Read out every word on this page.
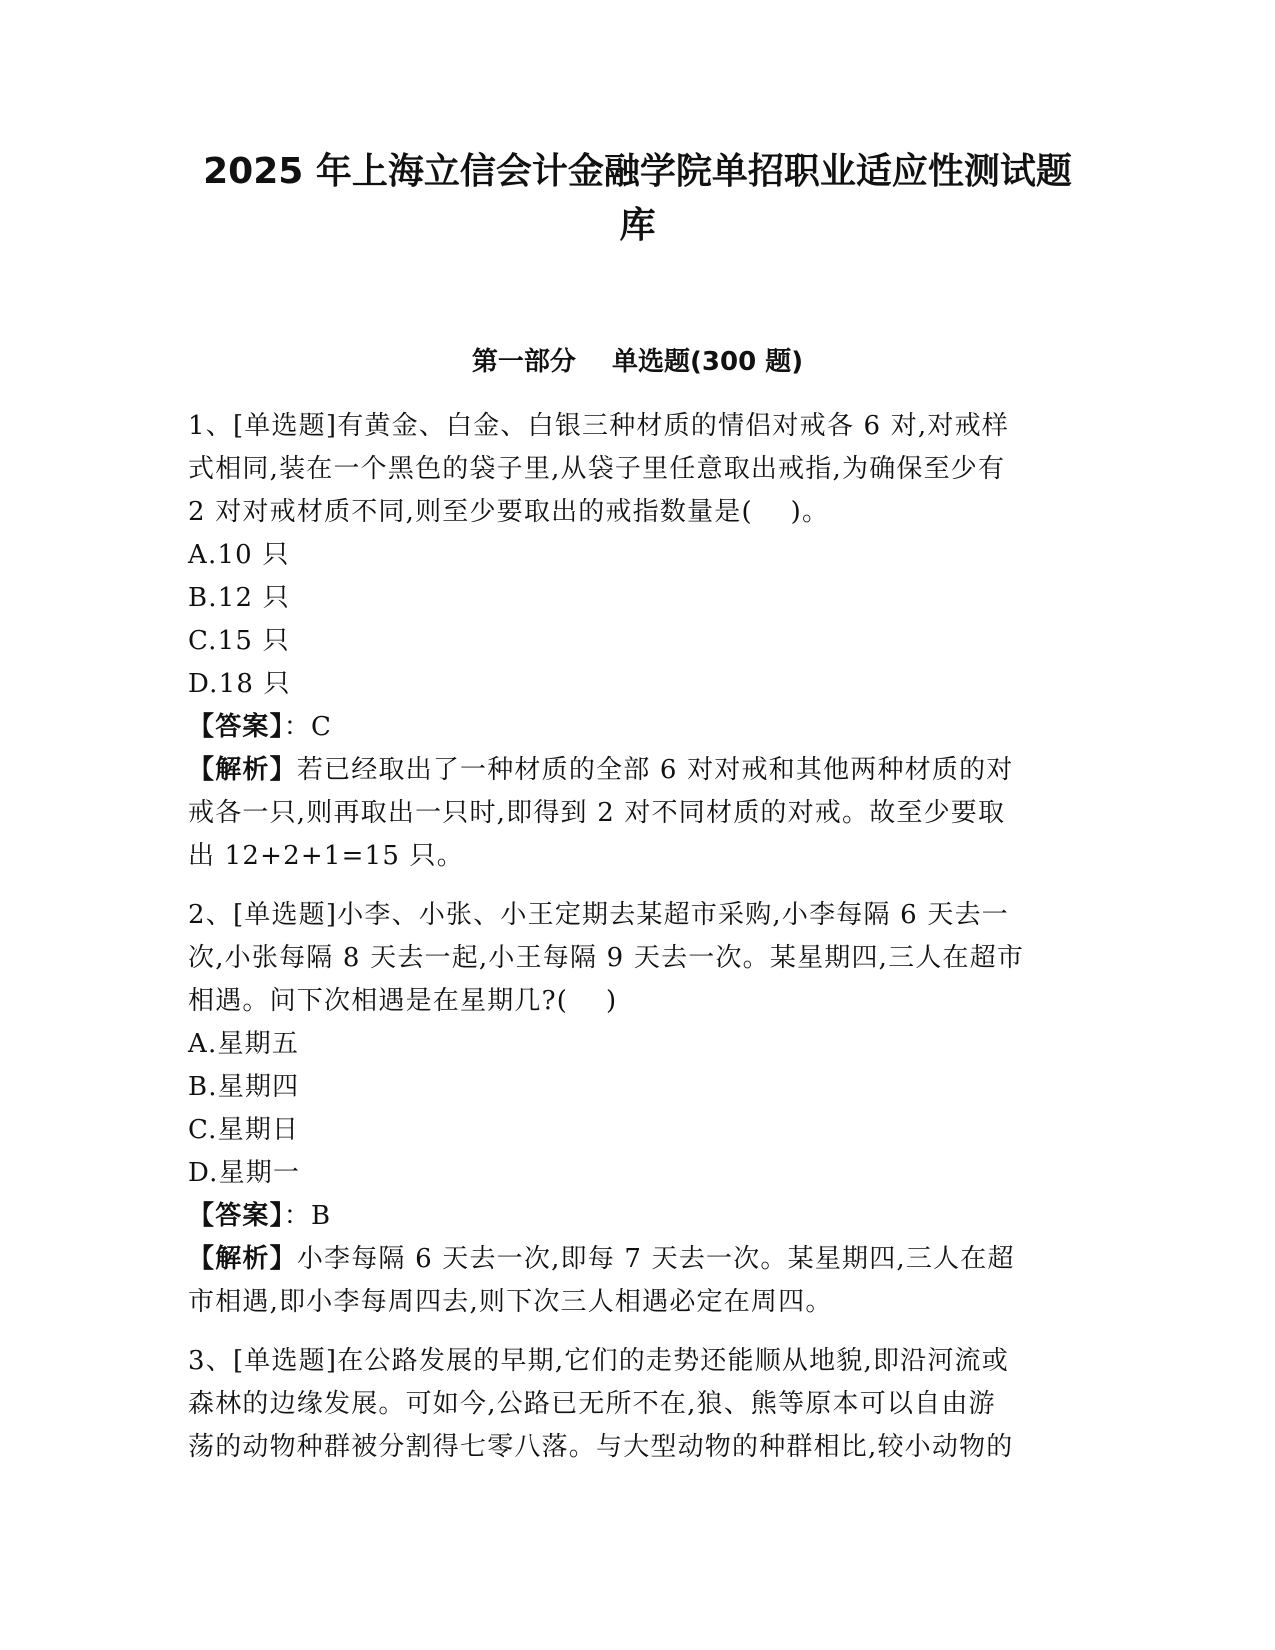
2025 年上海立信会计金融学院单招职业适应性测试题
库
第一部分    单选题(300 题)
1、[单选题]有黄金、白金、白银三种材质的情侣对戒各 6 对,对戒样
式相同,装在一个黑色的袋子里,从袋子里任意取出戒指,为确保至少有
2 对对戒材质不同,则至少要取出的戒指数量是(    )。
A.10 只
B.12 只
C.15 只
D.18 只
【答案】：C
【解析】若已经取出了一种材质的全部 6 对对戒和其他两种材质的对
戒各一只,则再取出一只时,即得到 2 对不同材质的对戒。故至少要取
出 12+2+1=15 只。
2、[单选题]小李、小张、小王定期去某超市采购,小李每隔 6 天去一
次,小张每隔 8 天去一起,小王每隔 9 天去一次。某星期四,三人在超市
相遇。问下次相遇是在星期几?(    )
A.星期五
B.星期四
C.星期日
D.星期一
【答案】：B
【解析】小李每隔 6 天去一次,即每 7 天去一次。某星期四,三人在超
市相遇,即小李每周四去,则下次三人相遇必定在周四。
3、[单选题]在公路发展的早期,它们的走势还能顺从地貌,即沿河流或
森林的边缘发展。可如今,公路已无所不在,狼、熊等原本可以自由游
荡的动物种群被分割得七零八落。与大型动物的种群相比,较小动物的
